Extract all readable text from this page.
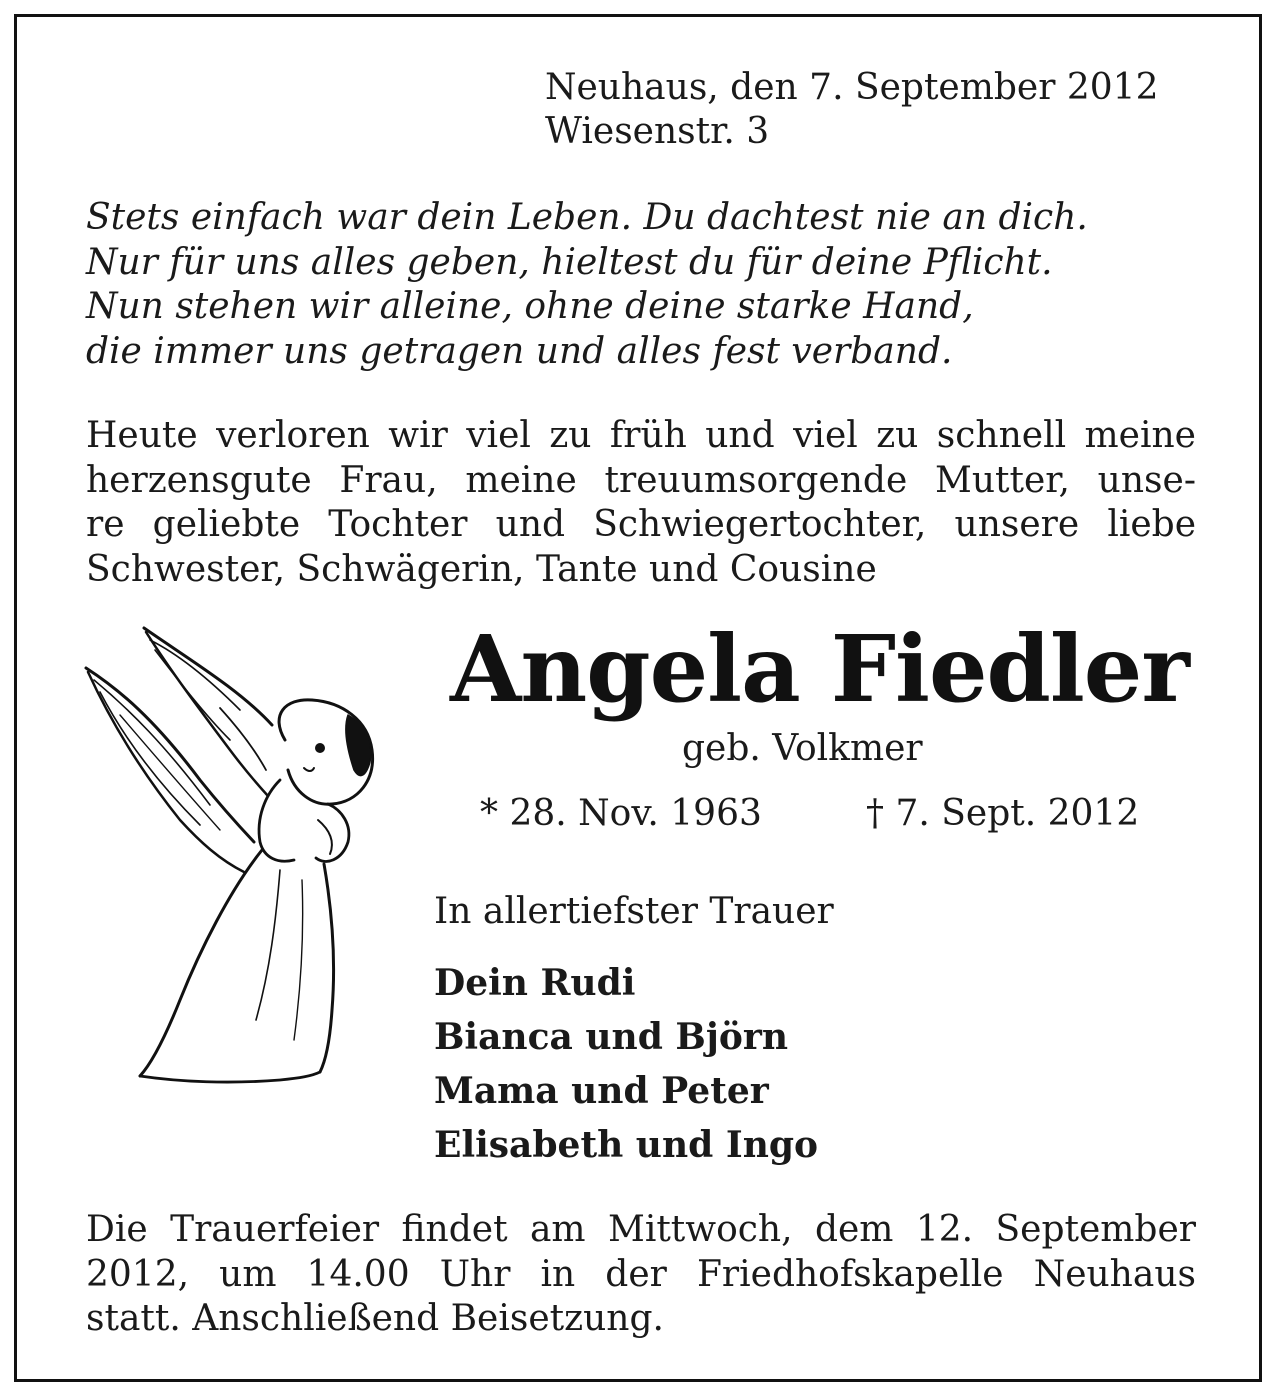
Neuhaus, den 7. September 2012
Wiesenstr. 3
Stets einfach war dein Leben. Du dachtest nie an dich.
Nur für uns alles geben, hieltest du für deine Pflicht.
Nun stehen wir alleine, ohne deine starke Hand,
die immer uns getragen und alles fest verband.
Heute verloren wir viel zu früh und viel zu schnell meine
herzensgute Frau, meine treuumsorgende Mutter, unse-
re geliebte Tochter und Schwiegertochter, unsere liebe
Schwester, Schwägerin, Tante und Cousine
Angela Fiedler
geb. Volkmer
* 28. Nov. 1963	† 7. Sept. 2012
In allertiefster Trauer
Dein Rudi
Bianca und Björn
Mama und Peter
Elisabeth und Ingo
Die Trauerfeier findet am Mittwoch, dem 12. September
2012, um 14.00 Uhr in der Friedhofskapelle Neuhaus
statt. Anschließend Beisetzung.
